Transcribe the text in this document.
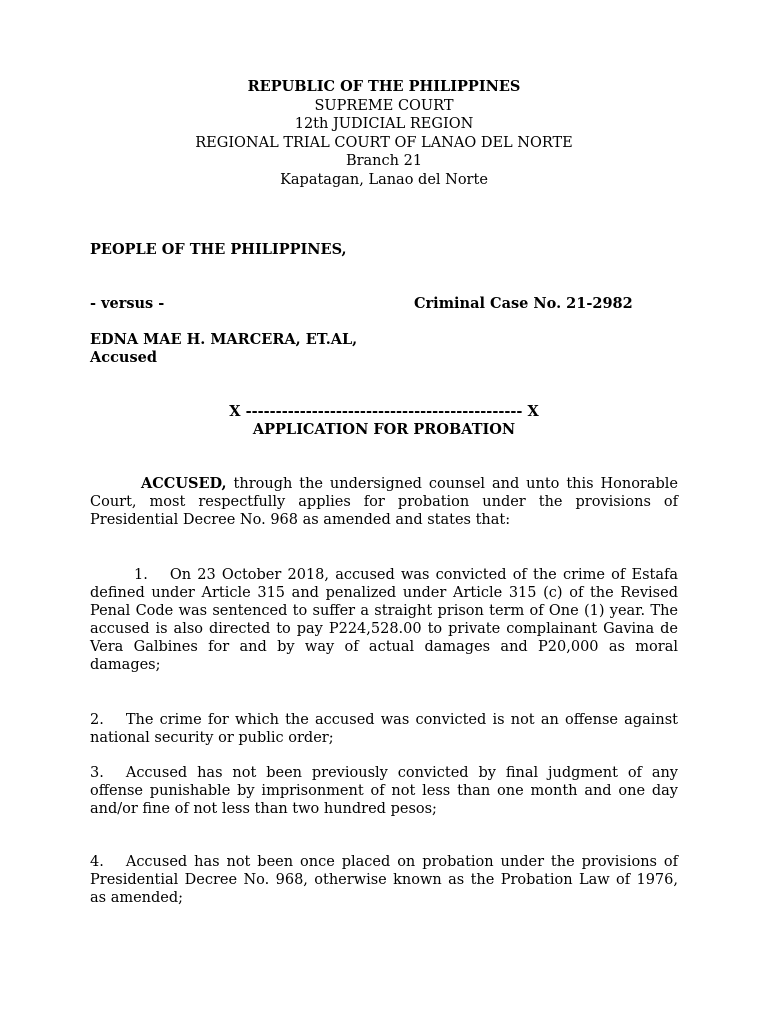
REPUBLIC OF THE PHILIPPINES
SUPREME COURT
12th JUDICIAL REGION
REGIONAL TRIAL COURT OF LANAO DEL NORTE
Branch 21
Kapatagan, Lanao del Norte
PEOPLE OF THE PHILIPPINES,
- versus -	Criminal Case No. 21-2982
EDNA MAE H. MARCERA, ET.AL,
Accused
X ---------------------------------------------- X
APPLICATION FOR PROBATION
ACCUSED, through the undersigned counsel and unto this Honorable Court, most respectfully applies for probation under the provisions of Presidential Decree No. 968 as amended and states that:
1. On 23 October 2018, accused was convicted of the crime of Estafa defined under Article 315 and penalized under Article 315 (c) of the Revised Penal Code was sentenced to suffer a straight prison term of One (1) year. The accused is also directed to pay P224,528.00 to private complainant Gavina de Vera Galbines for and by way of actual damages and P20,000 as moral damages;
2. The crime for which the accused was convicted is not an offense against national security or public order;
3. Accused has not been previously convicted by final judgment of any offense punishable by imprisonment of not less than one month and one day and/or fine of not less than two hundred pesos;
4. Accused has not been once placed on probation under the provisions of Presidential Decree No. 968, otherwise known as the Probation Law of 1976, as amended;
